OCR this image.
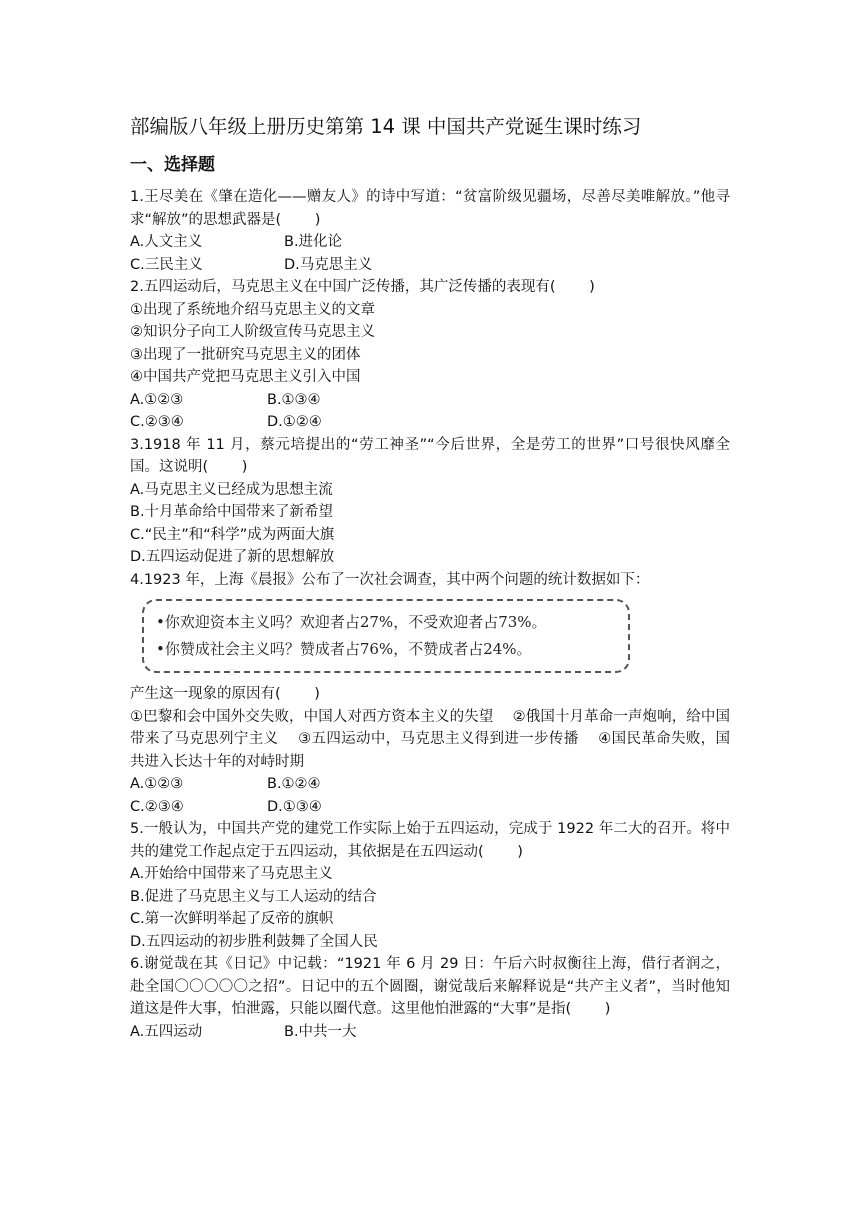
部编版八年级上册历史第第 14 课 中国共产党诞生课时练习
一、选择题

1.王尽美在《肇在造化——赠友人》的诗中写道：“贫富阶级见疆场，尽善尽美唯解放。”他寻求“解放”的思想武器是(　　 )

A.人文主义	B.进化论
C.三民主义	D.马克思主义

2.五四运动后，马克思主义在中国广泛传播，其广泛传播的表现有(　　 )

①出现了系统地介绍马克思主义的文章

②知识分子向工人阶级宣传马克思主义

③出现了一批研究马克思主义的团体

④中国共产党把马克思主义引入中国

A.①②③	B.①③④
C.②③④	D.①②④

3.1918 年 11 月，蔡元培提出的“劳工神圣”“今后世界，全是劳工的世界”口号很快风靡全国。这说明(　　 )

A.马克思主义已经成为思想主流

B.十月革命给中国带来了新希望

C.“民主”和“科学”成为两面大旗

D.五四运动促进了新的思想解放

4.1923 年，上海《晨报》公布了一次社会调查，其中两个问题的统计数据如下：

•你欢迎资本主义吗？欢迎者占27%，不受欢迎者占73%。
•你赞成社会主义吗？赞成者占76%，不赞成者占24%。

产生这一现象的原因有(　　 )

①巴黎和会中国外交失败，中国人对西方资本主义的失望　 ②俄国十月革命一声炮响，给中国带来了马克思列宁主义　 ③五四运动中，马克思主义得到进一步传播　 ④国民革命失败，国共进入长达十年的对峙时期

A.①②③	B.①②④
C.②③④	D.①③④

5.一般认为，中国共产党的建党工作实际上始于五四运动，完成于 1922 年二大的召开。将中共的建党工作起点定于五四运动，其依据是在五四运动(　　 )

A.开始给中国带来了马克思主义

B.促进了马克思主义与工人运动的结合

C.第一次鲜明举起了反帝的旗帜

D.五四运动的初步胜利鼓舞了全国人民

6.谢觉哉在其《日记》中记载：“1921 年 6 月 29 日：午后六时叔衡往上海，借行者润之，赴全国〇〇〇〇〇之招”。日记中的五个圆圈，谢觉哉后来解释说是“共产主义者”，当时他知道这是件大事，怕泄露，只能以圈代意。这里他怕泄露的“大事”是指(　　 )

A.五四运动	B.中共一大
